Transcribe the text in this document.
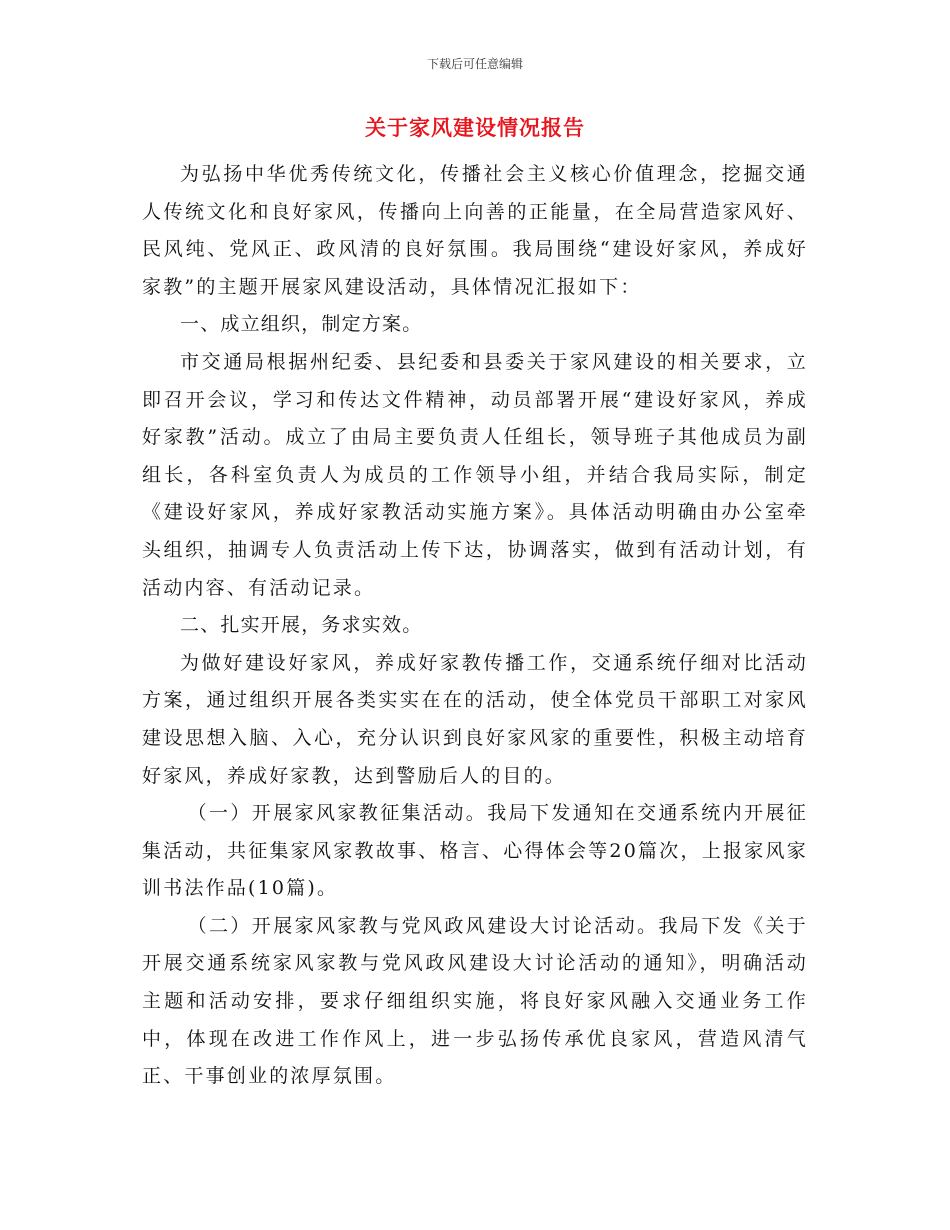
下载后可任意编辑
关于家风建设情况报告

为弘扬中华优秀传统文化，传播社会主义核心价值理念，挖掘交通人传统文化和良好家风，传播向上向善的正能量，在全局营造家风好、民风纯、党风正、政风清的良好氛围。我局围绕“建设好家风，养成好家教”的主题开展家风建设活动，具体情况汇报如下：

一、成立组织，制定方案。

市交通局根据州纪委、县纪委和县委关于家风建设的相关要求，立即召开会议，学习和传达文件精神，动员部署开展“建设好家风，养成好家教”活动。成立了由局主要负责人任组长，领导班子其他成员为副组长，各科室负责人为成员的工作领导小组，并结合我局实际，制定《建设好家风，养成好家教活动实施方案》。具体活动明确由办公室牵头组织，抽调专人负责活动上传下达，协调落实，做到有活动计划，有活动内容、有活动记录。

二、扎实开展，务求实效。

为做好建设好家风，养成好家教传播工作，交通系统仔细对比活动方案，通过组织开展各类实实在在的活动，使全体党员干部职工对家风建设思想入脑、入心，充分认识到良好家风家的重要性，积极主动培育好家风，养成好家教，达到警励后人的目的。

（一）开展家风家教征集活动。我局下发通知在交通系统内开展征集活动，共征集家风家教故事、格言、心得体会等20篇次，上报家风家训书法作品(10篇)。

（二）开展家风家教与党风政风建设大讨论活动。我局下发《关于开展交通系统家风家教与党风政风建设大讨论活动的通知》，明确活动主题和活动安排，要求仔细组织实施，将良好家风融入交通业务工作中，体现在改进工作作风上，进一步弘扬传承优良家风，营造风清气正、干事创业的浓厚氛围。
